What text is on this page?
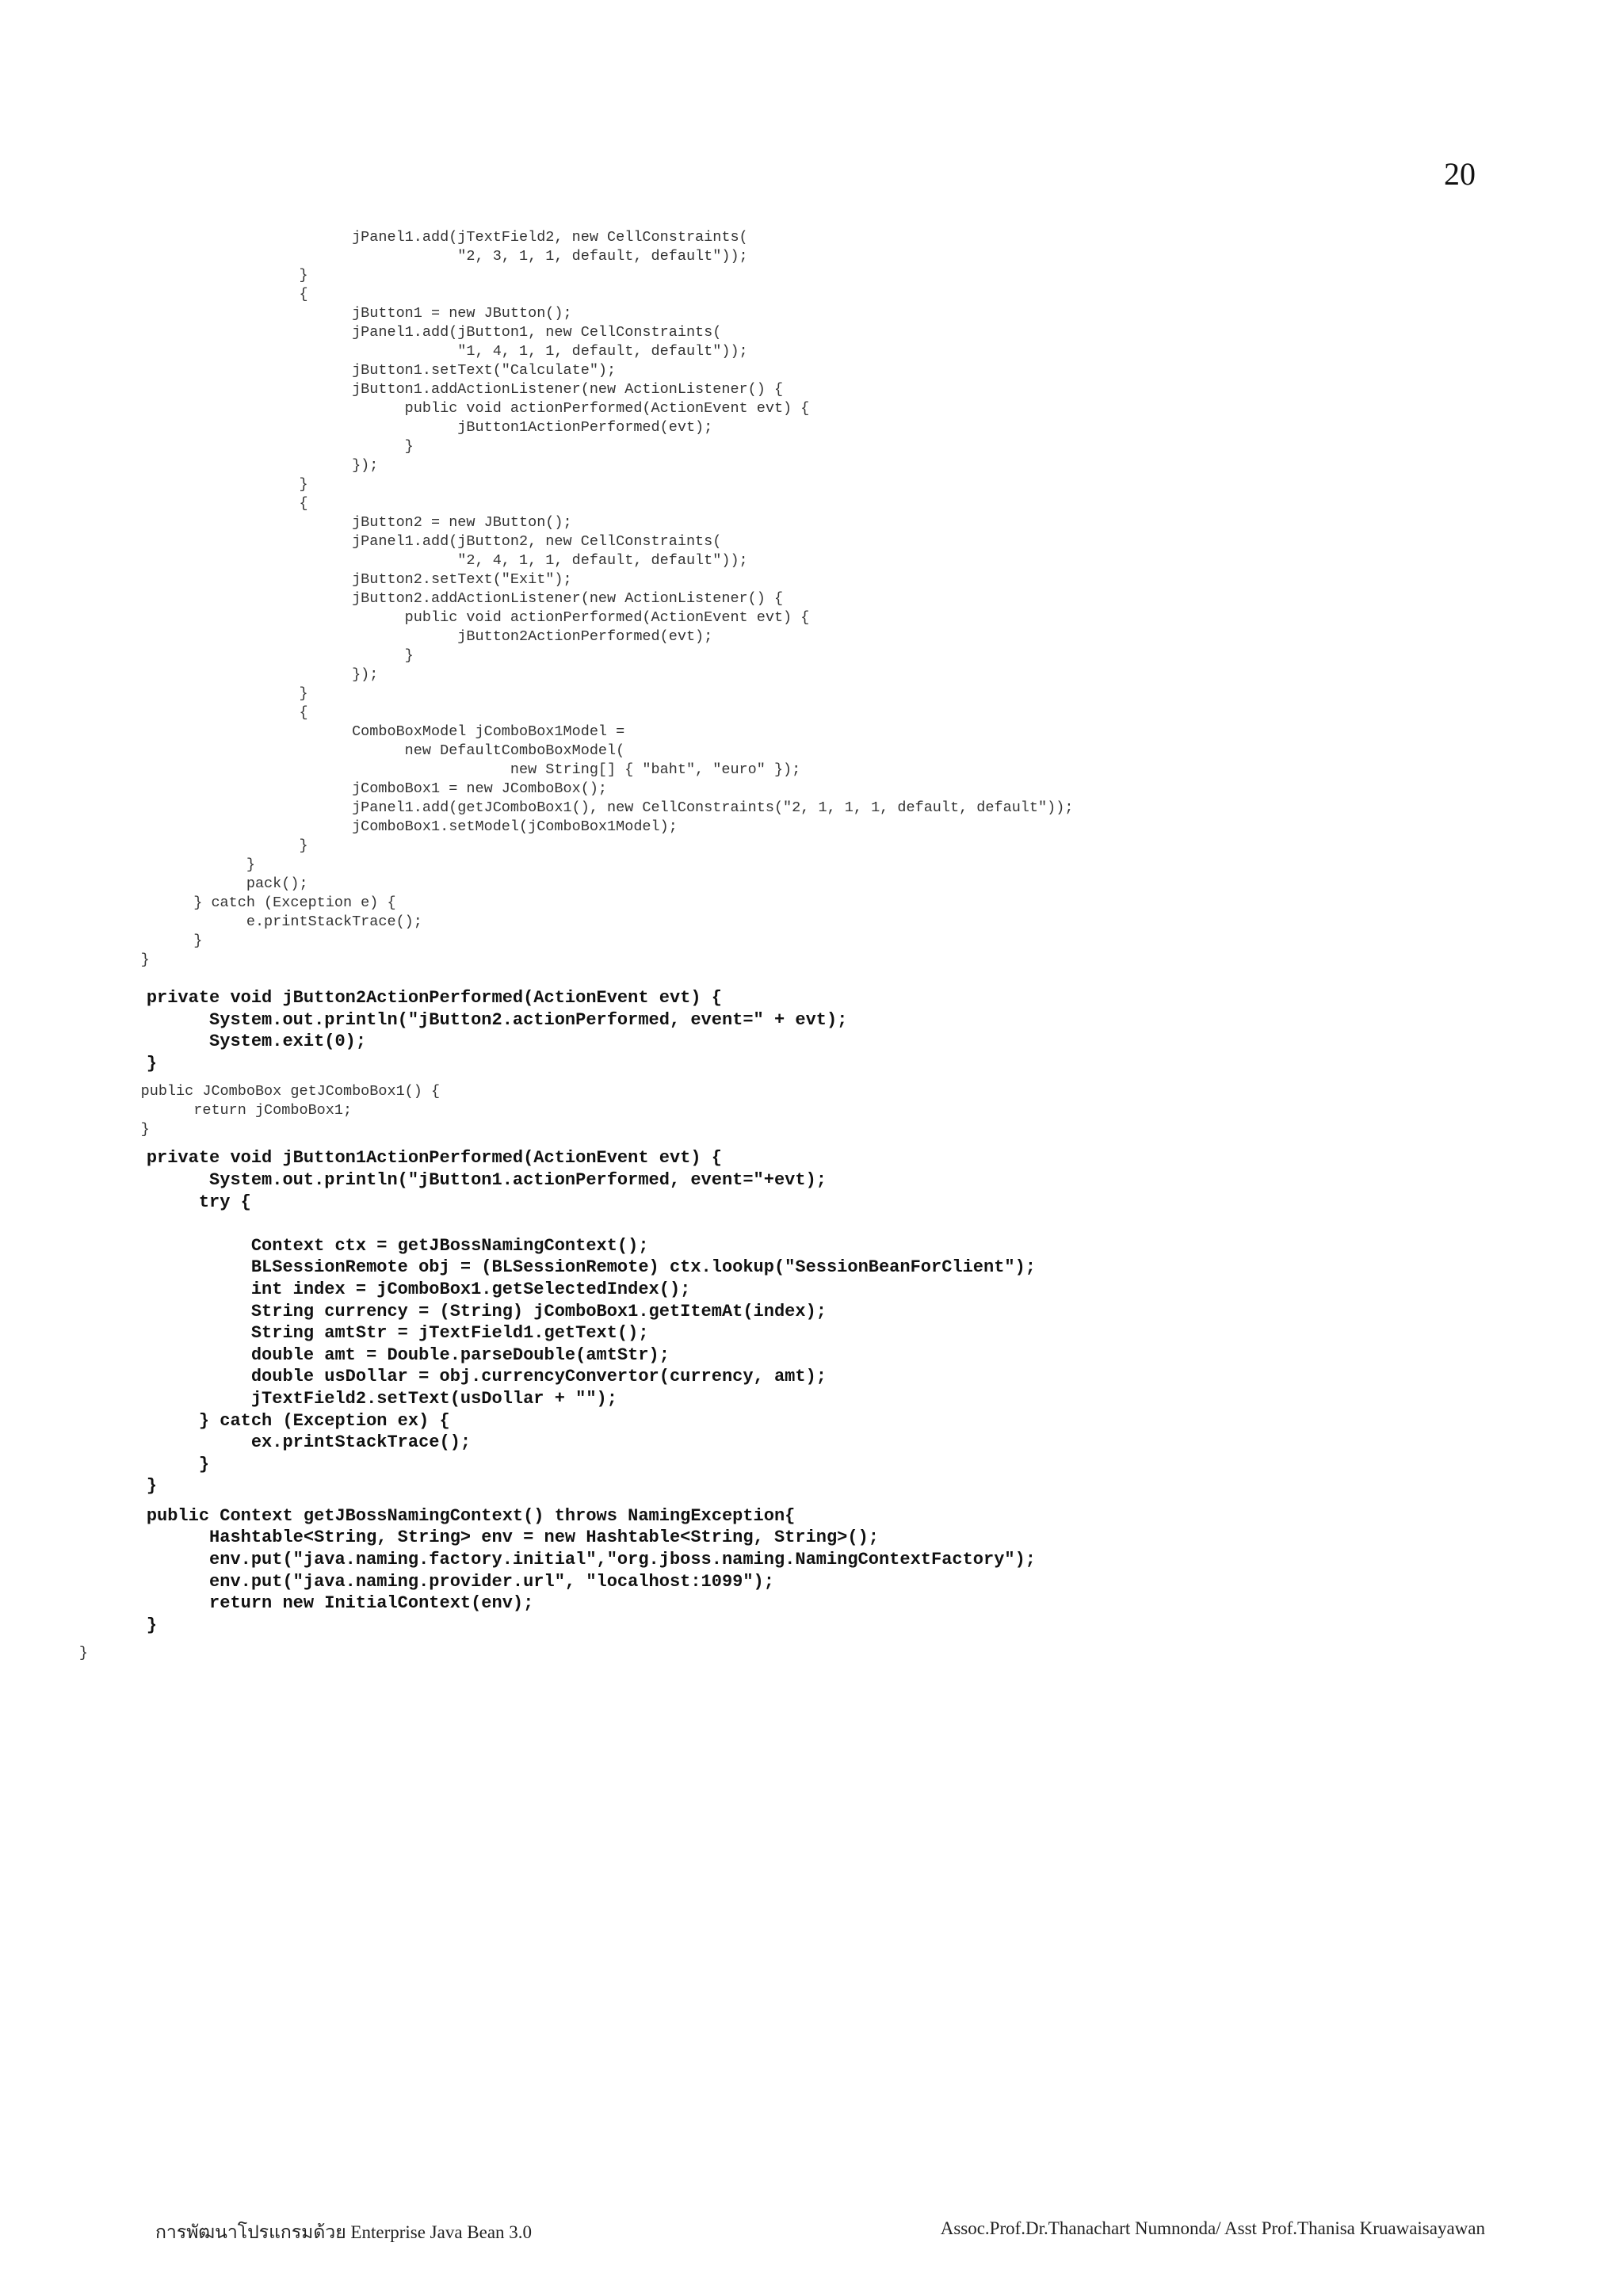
20
jPanel1.add(jTextField2, new CellConstraints(
"2, 3, 1, 1, default, default"));
}
{
jButton1 = new JButton();
jPanel1.add(jButton1, new CellConstraints(
"1, 4, 1, 1, default, default"));
jButton1.setText("Calculate");
jButton1.addActionListener(new ActionListener() {
public void actionPerformed(ActionEvent evt) {
jButton1ActionPerformed(evt);
}
});
}
{
jButton2 = new JButton();
jPanel1.add(jButton2, new CellConstraints(
"2, 4, 1, 1, default, default"));
jButton2.setText("Exit");
jButton2.addActionListener(new ActionListener() {
public void actionPerformed(ActionEvent evt) {
jButton2ActionPerformed(evt);
}
});
}
{
ComboBoxModel jComboBox1Model =
new DefaultComboBoxModel(
new String[] { "baht", "euro" });
jComboBox1 = new JComboBox();
jPanel1.add(getJComboBox1(), new CellConstraints("2, 1, 1, 1, default, default"));
jComboBox1.setModel(jComboBox1Model);
}
}
pack();
} catch (Exception e) {
e.printStackTrace();
}
}
private void jButton2ActionPerformed(ActionEvent evt) {
System.out.println("jButton2.actionPerformed, event=" + evt);
System.exit(0);
}
public JComboBox getJComboBox1() {
return jComboBox1;
}
private void jButton1ActionPerformed(ActionEvent evt) {
System.out.println("jButton1.actionPerformed, event="+evt);
try {
Context ctx = getJBossNamingContext();
BLSessionRemote obj = (BLSessionRemote) ctx.lookup("SessionBeanForClient");
int index = jComboBox1.getSelectedIndex();
String currency = (String) jComboBox1.getItemAt(index);
String amtStr = jTextField1.getText();
double amt = Double.parseDouble(amtStr);
double usDollar = obj.currencyConvertor(currency, amt);
jTextField2.setText(usDollar + "");
} catch (Exception ex) {
ex.printStackTrace();
}
}
public Context getJBossNamingContext() throws NamingException{
Hashtable<String, String> env = new Hashtable<String, String>();
env.put("java.naming.factory.initial","org.jboss.naming.NamingContextFactory");
env.put("java.naming.provider.url", "localhost:1099");
return new InitialContext(env);
}
}
การพัฒนาโปรแกรมด้วย Enterprise Java Bean 3.0	Assoc.Prof.Dr.Thanachart Numnonda/ Asst Prof.Thanisa Kruawaisayawan
